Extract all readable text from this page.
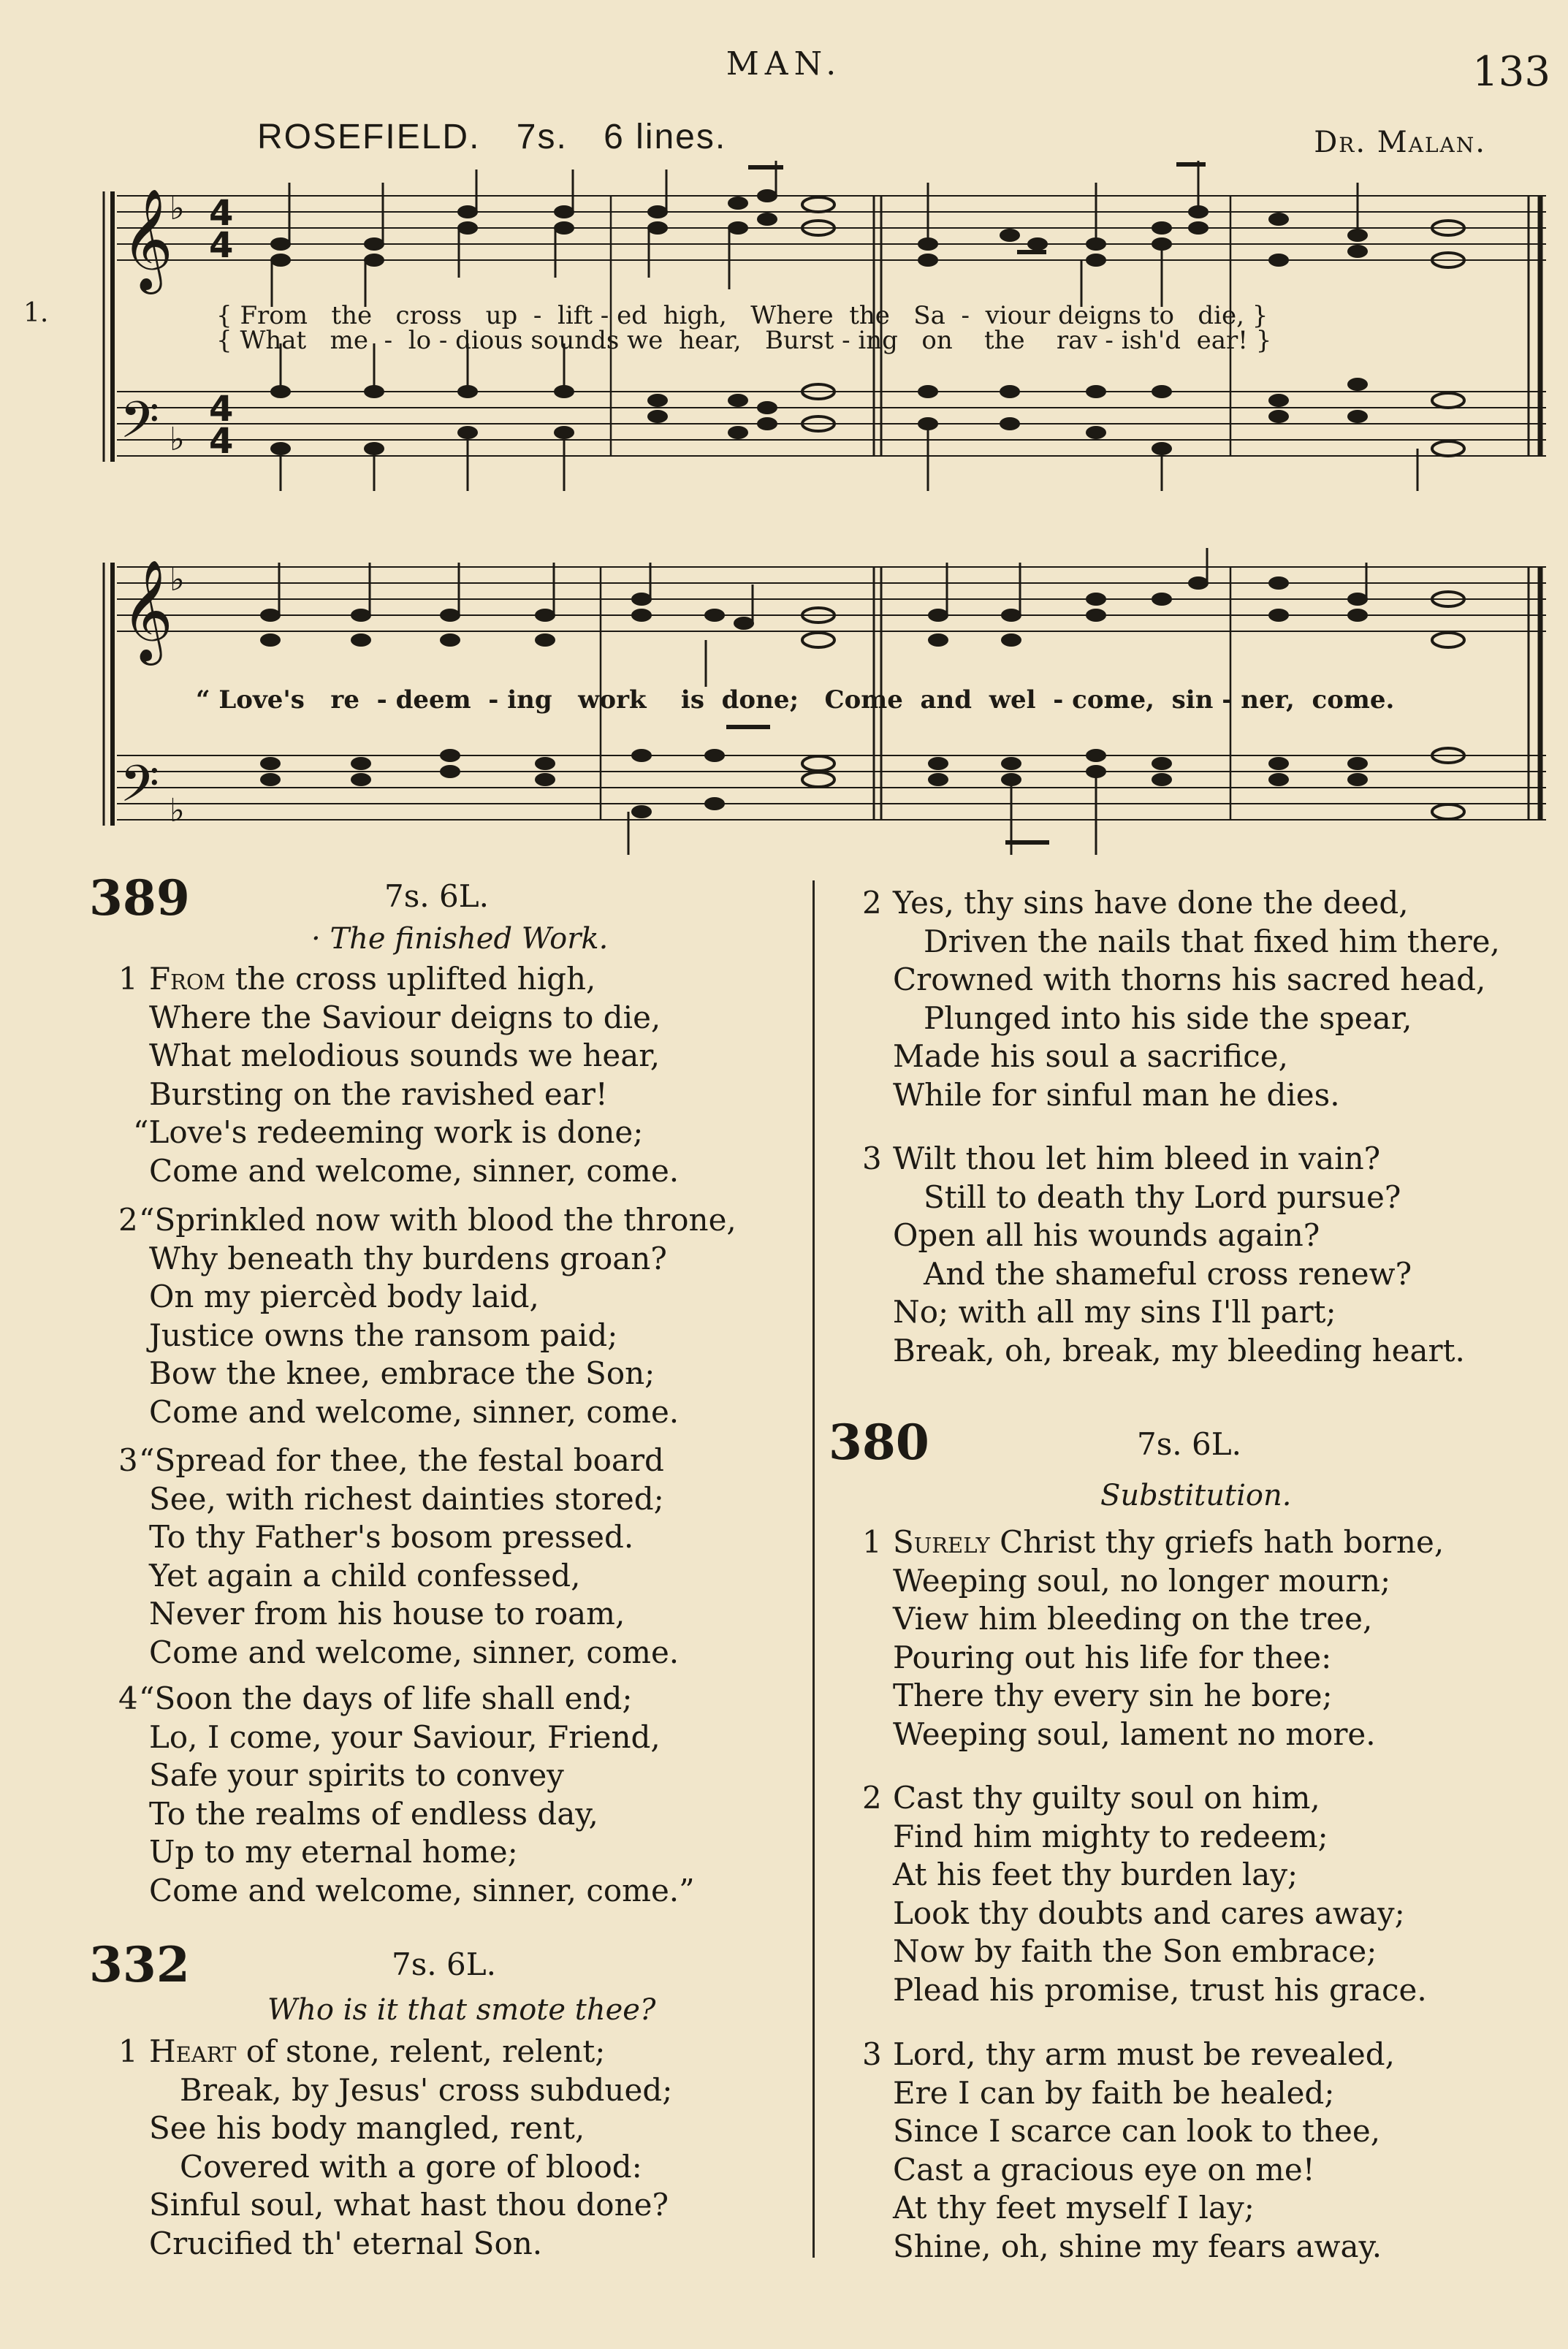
MAN.	133
ROSEFIELD. 7s. 6 lines.	Dr. Malan.
𝄞
𝄢
𝄞
𝄢
♭
♭
♭
♭
4
4
4
4
1.	{ From   the   cross   up  -  lift - ed  high,   Where  the   Sa  -  viour deigns to   die, }
{ What   me  -  lo - dious sounds we  hear,   Burst - ing   on    the    rav - ish'd  ear! }
“ Love's   re  - deem  - ing   work    is  done;   Come  and  wel  - come,  sin - ner,  come.
389	7s. 6L.
· The finished Work.
1 From the cross uplifted high,
Where the Saviour deigns to die,
What melodious sounds we hear,
Bursting on the ravished ear!
“Love's redeeming work is done;
Come and welcome, sinner, come.
2“Sprinkled now with blood the throne,
Why beneath thy burdens groan?
On my piercèd body laid,
Justice owns the ransom paid;
Bow the knee, embrace the Son;
Come and welcome, sinner, come.
3“Spread for thee, the festal board
See, with richest dainties stored;
To thy Father's bosom pressed.
Yet again a child confessed,
Never from his house to roam,
Come and welcome, sinner, come.
4“Soon the days of life shall end;
Lo, I come, your Saviour, Friend,
Safe your spirits to convey
To the realms of endless day,
Up to my eternal home;
Come and welcome, sinner, come.”
332	7s. 6L.
Who is it that smote thee?
1 Heart of stone, relent, relent;
Break, by Jesus' cross subdued;
See his body mangled, rent,
Covered with a gore of blood:
Sinful soul, what hast thou done?
Crucified th' eternal Son.
2 Yes, thy sins have done the deed,
Driven the nails that fixed him there,
Crowned with thorns his sacred head,
Plunged into his side the spear,
Made his soul a sacrifice,
While for sinful man he dies.
3 Wilt thou let him bleed in vain?
Still to death thy Lord pursue?
Open all his wounds again?
And the shameful cross renew?
No; with all my sins I'll part;
Break, oh, break, my bleeding heart.
380	7s. 6L.
Substitution.
1 Surely Christ thy griefs hath borne,
Weeping soul, no longer mourn;
View him bleeding on the tree,
Pouring out his life for thee:
There thy every sin he bore;
Weeping soul, lament no more.
2 Cast thy guilty soul on him,
Find him mighty to redeem;
At his feet thy burden lay;
Look thy doubts and cares away;
Now by faith the Son embrace;
Plead his promise, trust his grace.
3 Lord, thy arm must be revealed,
Ere I can by faith be healed;
Since I scarce can look to thee,
Cast a gracious eye on me!
At thy feet myself I lay;
Shine, oh, shine my fears away.
